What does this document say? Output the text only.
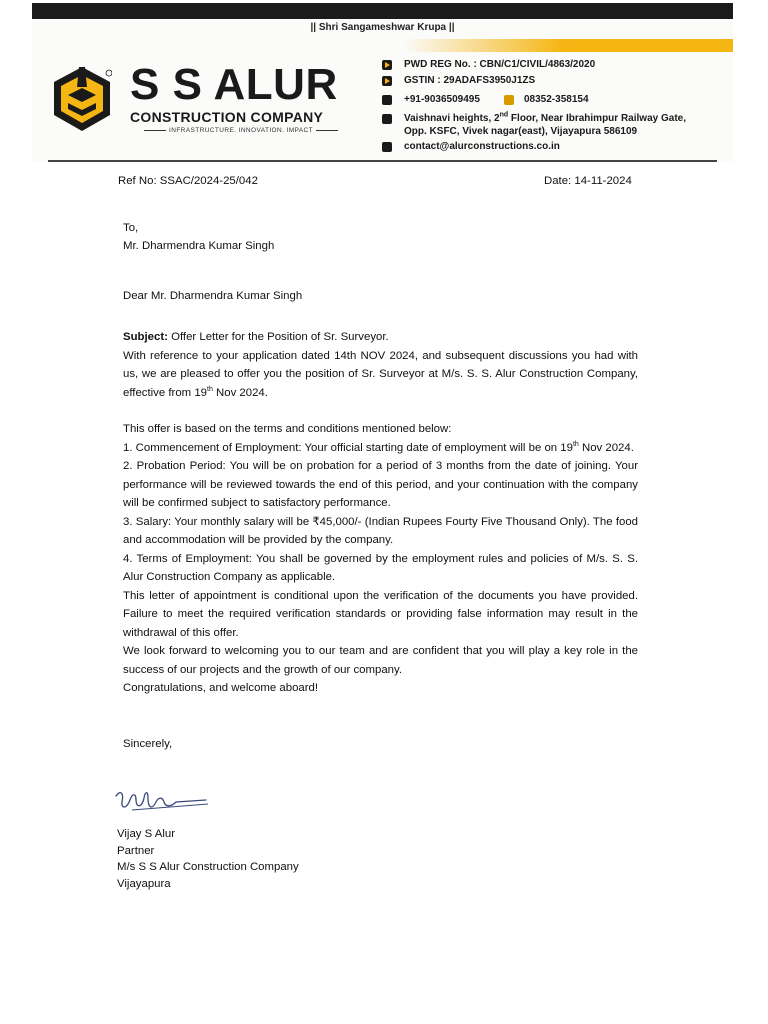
|| Shri Sangameshwar Krupa ||
S S ALUR
CONSTRUCTION COMPANY
INFRASTRUCTURE. INNOVATION. IMPACT
PWD REG No. : CBN/C1/CIVIL/4863/2020
GSTIN : 29ADAFS3950J1ZS
+91-9036509495	08352-358154
Vaishnavi heights, 2nd Floor, Near Ibrahimpur Railway Gate,
Opp. KSFC, Vivek nagar(east), Vijayapura 586109
contact@alurconstructions.co.in
Ref No: SSAC/2024-25/042	Date: 14-11-2024
To,
Mr. Dharmendra Kumar Singh
Dear Mr. Dharmendra Kumar Singh

Subject: Offer Letter for the Position of Sr. Surveyor.

With reference to your application dated 14th NOV 2024, and subsequent discussions you had with us, we are pleased to offer you the position of Sr. Surveyor at M/s. S. S. Alur Construction Company, effective from 19th Nov 2024.

This offer is based on the terms and conditions mentioned below:

1. Commencement of Employment: Your official starting date of employment will be on 19th Nov 2024.

2. Probation Period: You will be on probation for a period of 3 months from the date of joining. Your performance will be reviewed towards the end of this period, and your continuation with the company will be confirmed subject to satisfactory performance.

3. Salary: Your monthly salary will be ₹45,000/- (Indian Rupees Fourty Five Thousand Only). The food and accommodation will be provided by the company.

4. Terms of Employment: You shall be governed by the employment rules and policies of M/s. S. S. Alur Construction Company as applicable.

This letter of appointment is conditional upon the verification of the documents you have provided. Failure to meet the required verification standards or providing false information may result in the withdrawal of this offer.

We look forward to welcoming you to our team and are confident that you will play a key role in the success of our projects and the growth of our company.

Congratulations, and welcome aboard!

Sincerely,
Vijay S Alur
Partner
M/s S S Alur Construction Company
Vijayapura
